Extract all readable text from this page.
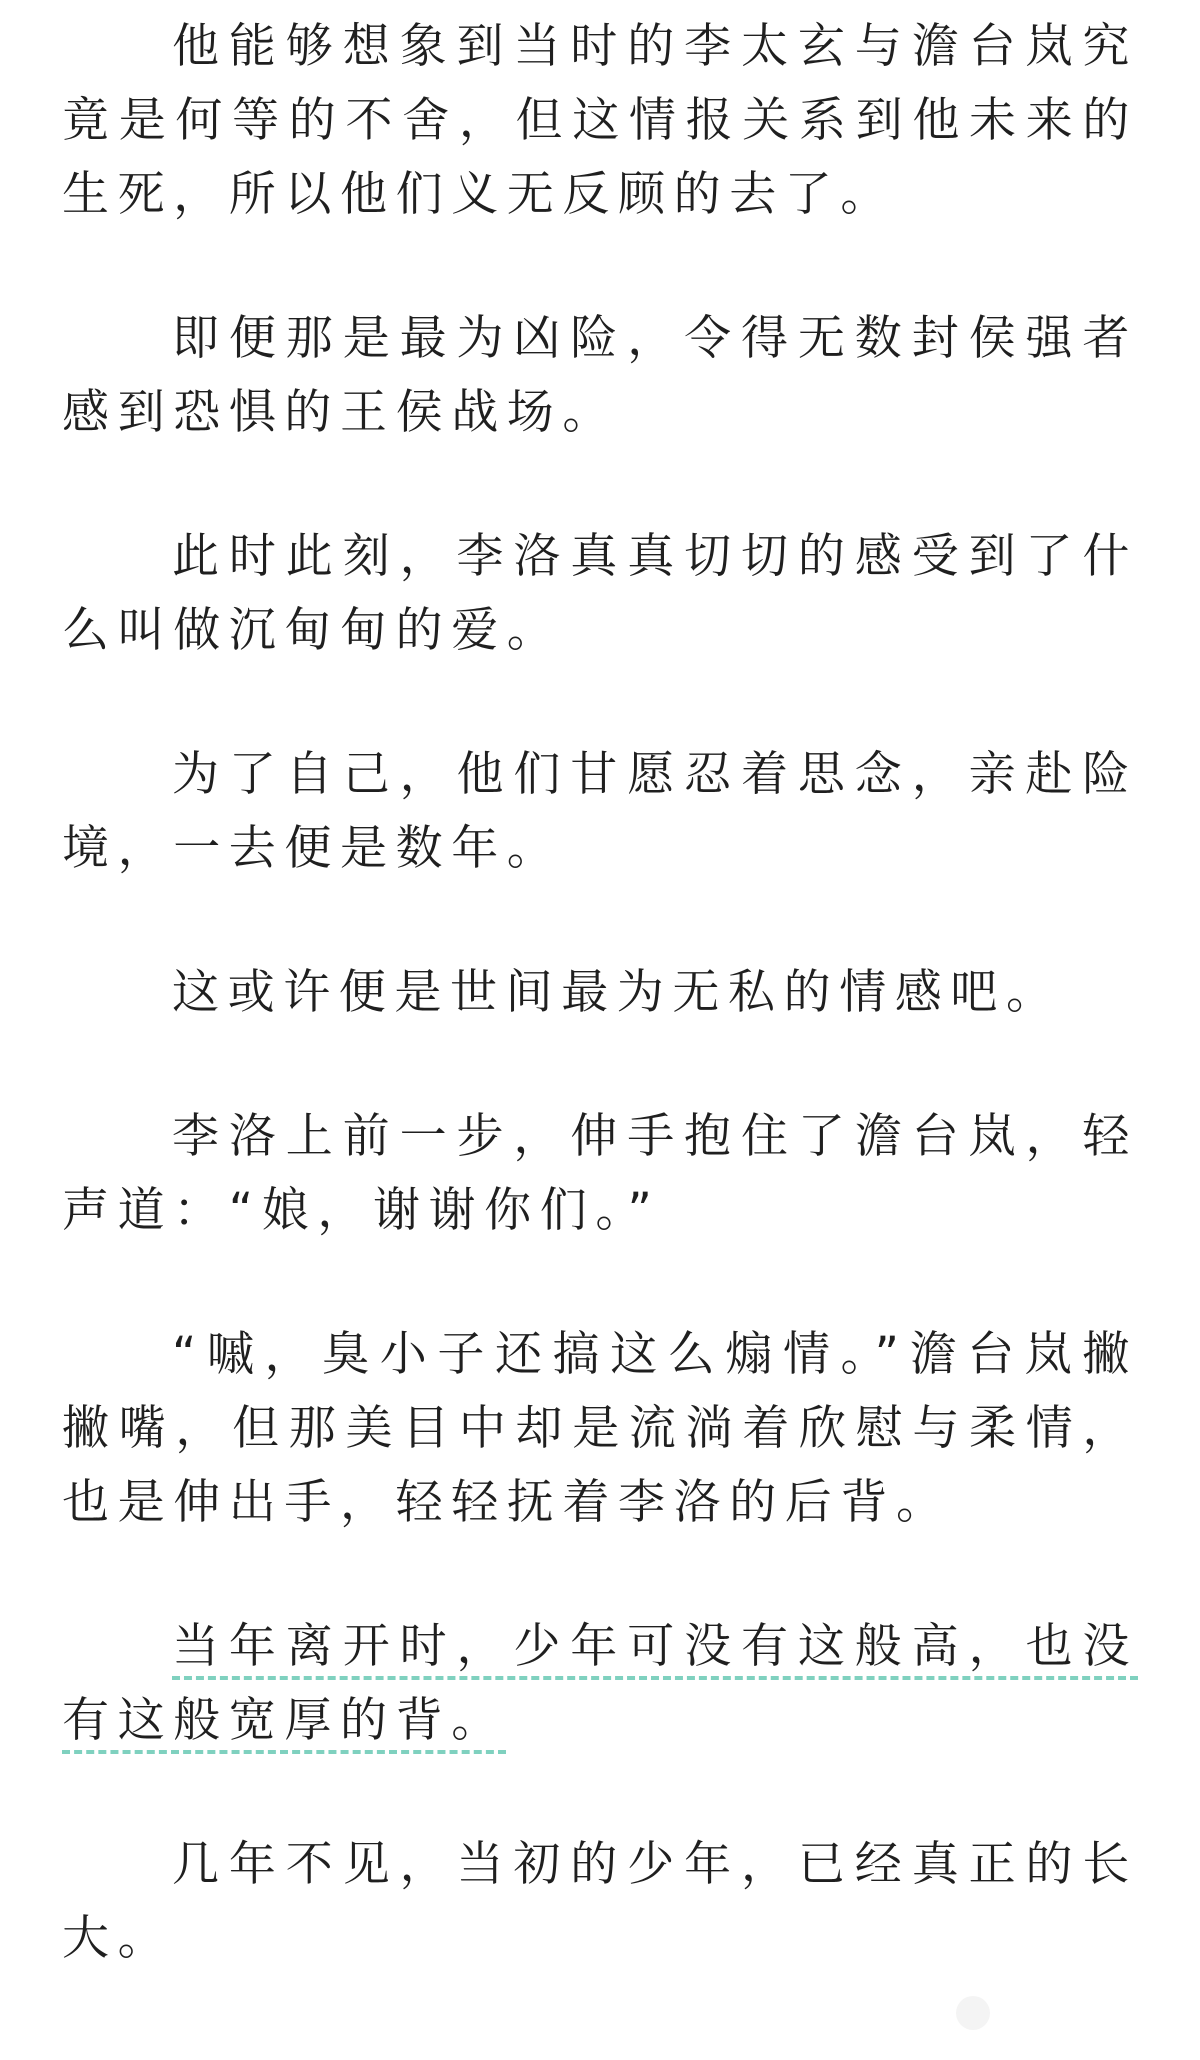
他能够想象到当时的李太玄与澹台岚究竟是何等的不舍，但这情报关系到他未来的生死，所以他们义无反顾的去了。

即便那是最为凶险，令得无数封侯强者感到恐惧的王侯战场。

此时此刻，李洛真真切切的感受到了什么叫做沉甸甸的爱。

为了自己，他们甘愿忍着思念，亲赴险境，一去便是数年。

这或许便是世间最为无私的情感吧。

李洛上前一步，伸手抱住了澹台岚，轻声道：“娘，谢谢你们。”

“嘁，臭小子还搞这么煽情。”澹台岚撇撇嘴，但那美目中却是流淌着欣慰与柔情，也是伸出手，轻轻抚着李洛的后背。

当年离开时，少年可没有这般高，也没有这般宽厚的背。

几年不见，当初的少年，已经真正的长大。
